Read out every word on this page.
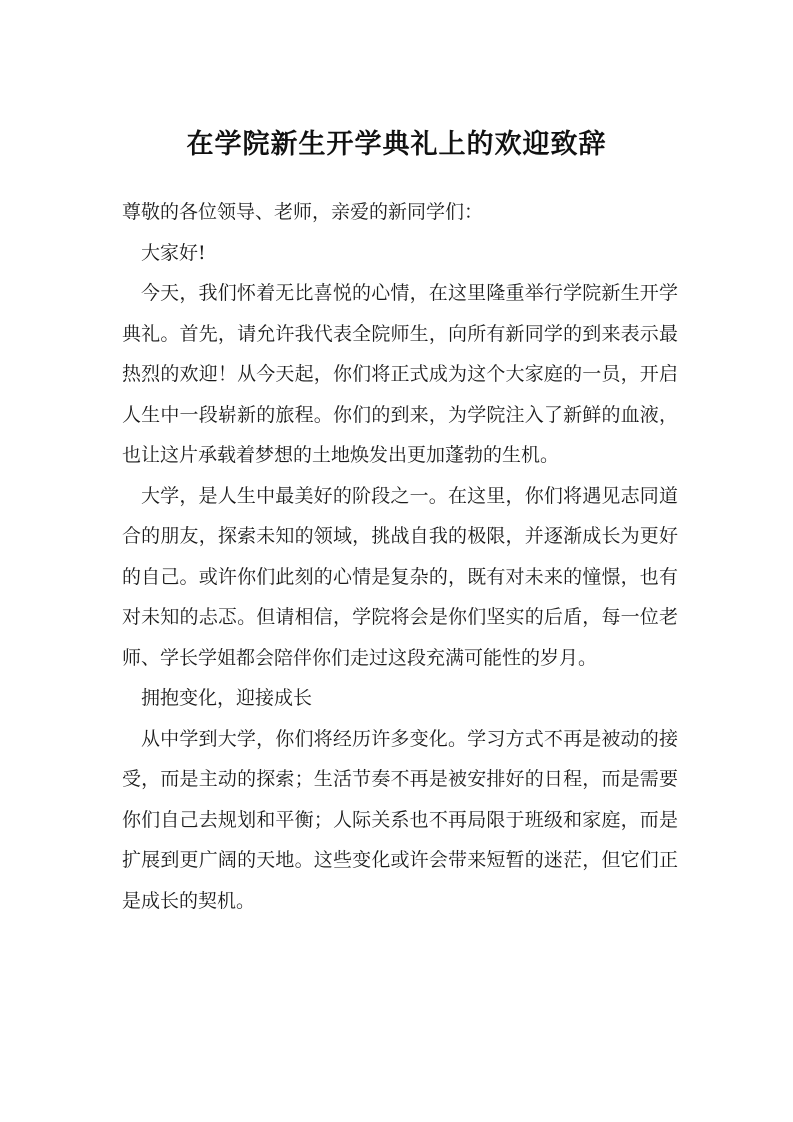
在学院新生开学典礼上的欢迎致辞

尊敬的各位领导、老师，亲爱的新同学们：

大家好!

今天，我们怀着无比喜悦的心情，在这里隆重举行学院新生开学典礼。首先，请允许我代表全院师生，向所有新同学的到来表示最热烈的欢迎！从今天起，你们将正式成为这个大家庭的一员，开启人生中一段崭新的旅程。你们的到来，为学院注入了新鲜的血液，也让这片承载着梦想的土地焕发出更加蓬勃的生机。

大学，是人生中最美好的阶段之一。在这里，你们将遇见志同道合的朋友，探索未知的领域，挑战自我的极限，并逐渐成长为更好的自己。或许你们此刻的心情是复杂的，既有对未来的憧憬，也有对未知的忐忑。但请相信，学院将会是你们坚实的后盾，每一位老师、学长学姐都会陪伴你们走过这段充满可能性的岁月。

拥抱变化，迎接成长

从中学到大学，你们将经历许多变化。学习方式不再是被动的接受，而是主动的探索；生活节奏不再是被安排好的日程，而是需要你们自己去规划和平衡；人际关系也不再局限于班级和家庭，而是扩展到更广阔的天地。这些变化或许会带来短暂的迷茫，但它们正是成长的契机。
